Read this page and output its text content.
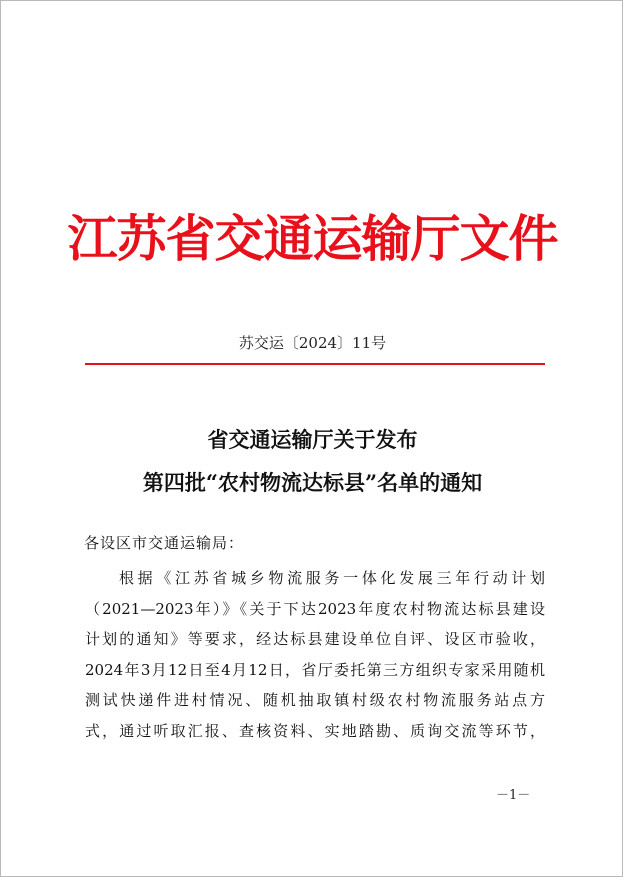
江苏省交通运输厅文件
苏交运〔2024〕11号
省交通运输厅关于发布
第四批“农村物流达标县”名单的通知
各设区市交通运输局：
根据《江苏省城乡物流服务一体化发展三年行动计划
（2021—2023年）》《关于下达2023年度农村物流达标县建设
计划的通知》等要求，经达标县建设单位自评、设区市验收，
2024年3月12日至4月12日，省厅委托第三方组织专家采用随机
测试快递件进村情况、随机抽取镇村级农村物流服务站点方
式，通过听取汇报、查核资料、实地踏勘、质询交流等环节，
－1－
